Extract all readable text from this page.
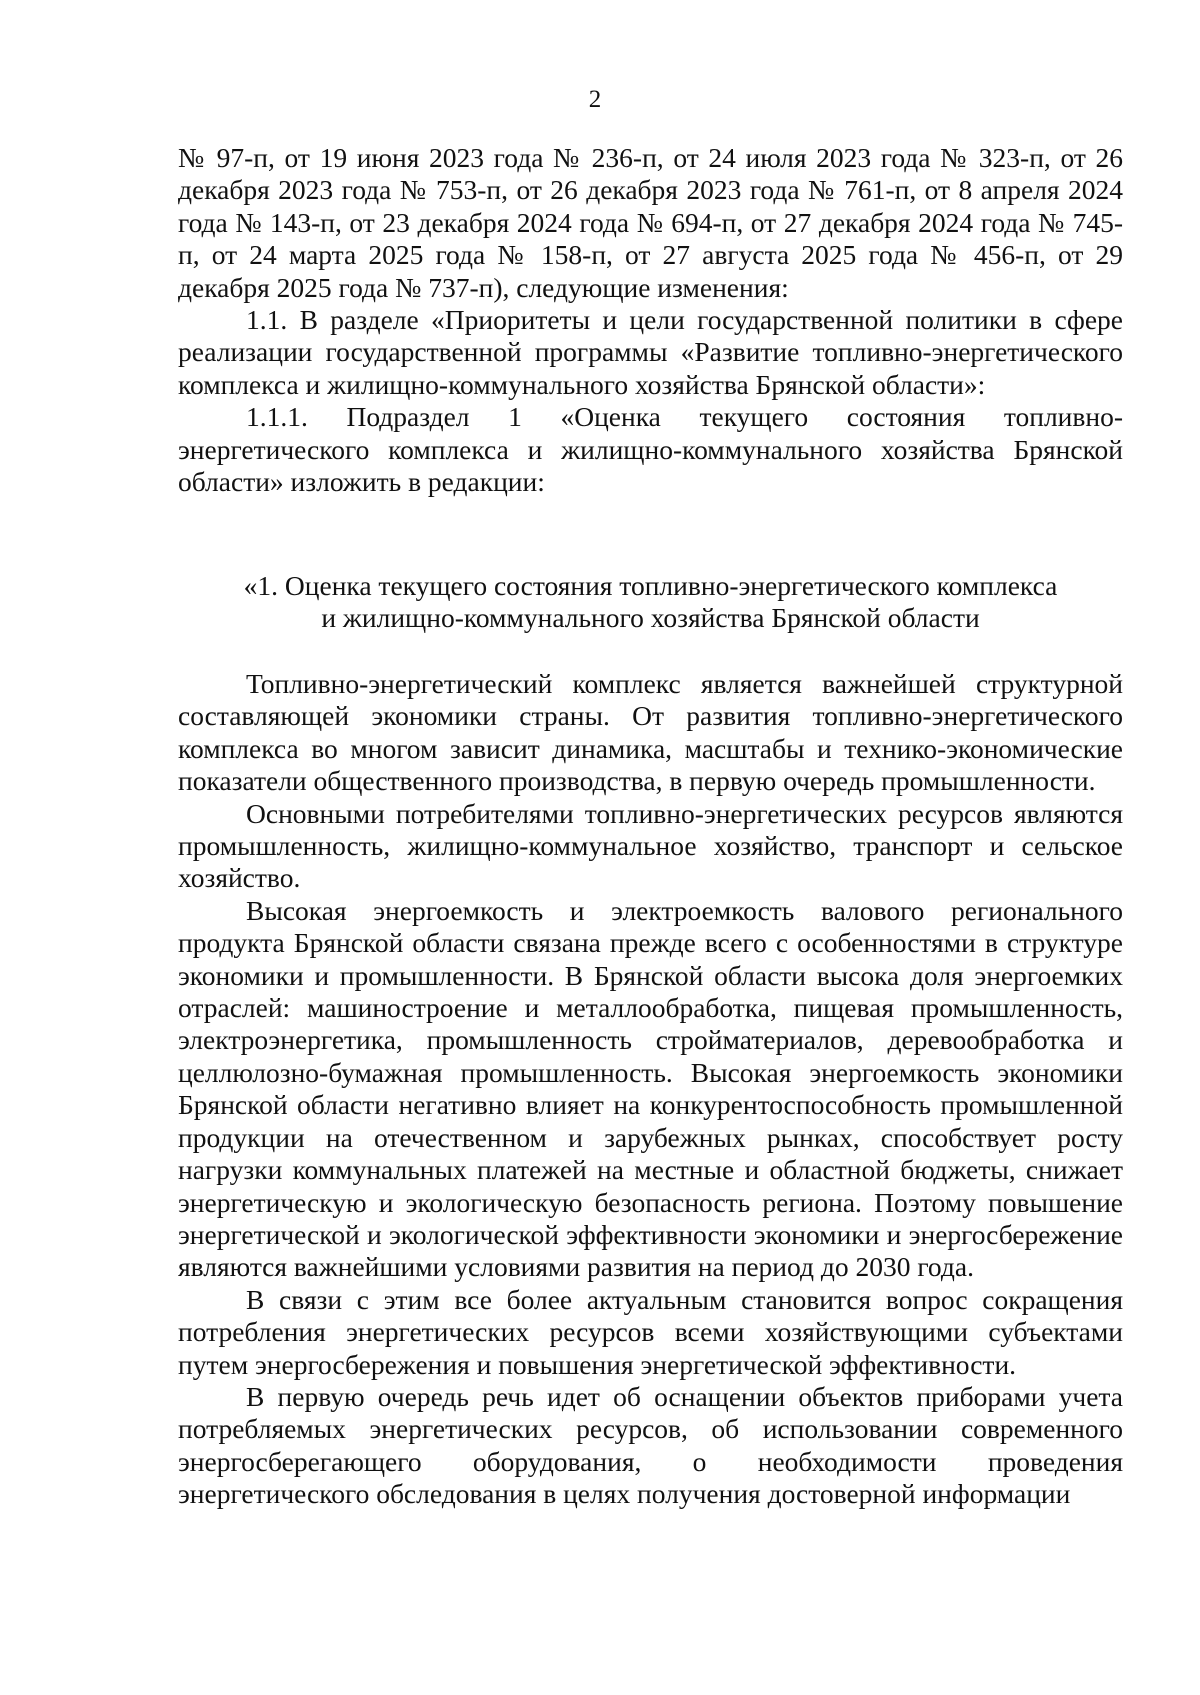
2

№ 97-п, от 19 июня 2023 года № 236-п, от 24 июля 2023 года № 323-п, от 26 декабря 2023 года № 753-п, от 26 декабря 2023 года № 761-п, от 8 апреля 2024 года № 143-п, от 23 декабря 2024 года № 694-п, от 27 декабря 2024 года № 745-п, от 24 марта 2025 года № 158-п, от 27 августа 2025 года № 456-п, от 29 декабря 2025 года № 737-п), следующие изменения:

1.1. В разделе «Приоритеты и цели государственной политики в сфере реализации государственной программы «Развитие топливно-энергетического комплекса и жилищно-коммунального хозяйства Брянской области»:

1.1.1. Подраздел 1 «Оценка текущего состояния топливно-энергетического комплекса и жилищно-коммунального хозяйства Брянской области» изложить в редакции:

«1. Оценка текущего состояния топливно-энергетического комплекса
и жилищно-коммунального хозяйства Брянской области

Топливно-энергетический комплекс является важнейшей структурной составляющей экономики страны. От развития топливно-энергетического комплекса во многом зависит динамика, масштабы и технико-экономические показатели общественного производства, в первую очередь промышленности.

Основными потребителями топливно-энергетических ресурсов являются промышленность, жилищно-коммунальное хозяйство, транспорт и сельское хозяйство.

Высокая энергоемкость и электроемкость валового регионального продукта Брянской области связана прежде всего с особенностями в структуре экономики и промышленности. В Брянской области высока доля энергоемких отраслей: машиностроение и металлообработка, пищевая промышленность, электроэнергетика, промышленность стройматериалов, деревообработка и целлюлозно-бумажная промышленность. Высокая энергоемкость экономики Брянской области негативно влияет на конкурентоспособность промышленной продукции на отечественном и зарубежных рынках, способствует росту нагрузки коммунальных платежей на местные и областной бюджеты, снижает энергетическую и экологическую безопасность региона. Поэтому повышение энергетической и экологической эффективности экономики и энергосбережение являются важнейшими условиями развития на период до 2030 года.

В связи с этим все более актуальным становится вопрос сокращения потребления энергетических ресурсов всеми хозяйствующими субъектами путем энергосбережения и повышения энергетической эффективности.

В первую очередь речь идет об оснащении объектов приборами учета потребляемых энергетических ресурсов, об использовании современного энергосберегающего оборудования, о необходимости проведения энергетического обследования в целях получения достоверной информации
